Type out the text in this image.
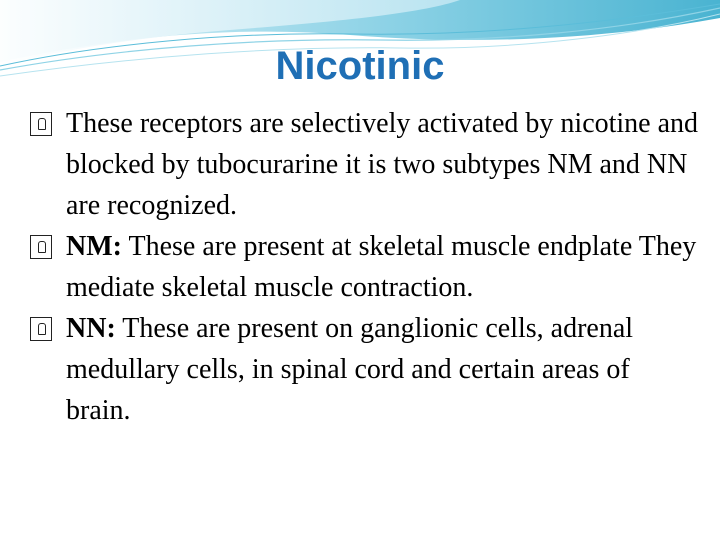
Nicotinic
These receptors are selectively activated by nicotine and blocked by tubocurarine it is two subtypes NM and NN are recognized.
NM: These are present at skeletal muscle endplate They mediate skeletal muscle contraction.
NN: These are present on ganglionic cells, adrenal medullary cells, in spinal cord and certain areas of brain.
